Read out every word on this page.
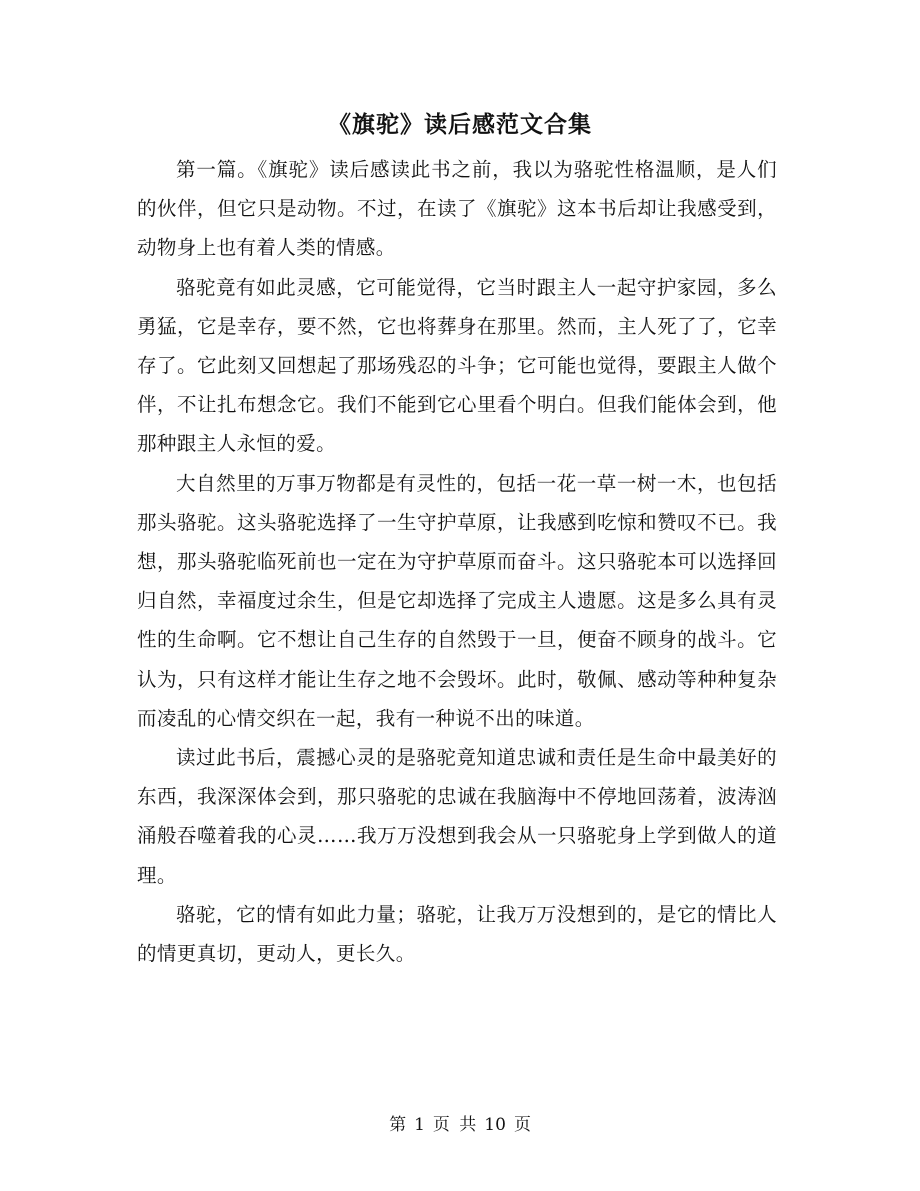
《旗驼》读后感范文合集

第一篇。《旗驼》读后感读此书之前，我以为骆驼性格温顺，是人们的伙伴，但它只是动物。不过，在读了《旗驼》这本书后却让我感受到，动物身上也有着人类的情感。

骆驼竟有如此灵感，它可能觉得，它当时跟主人一起守护家园，多么勇猛，它是幸存，要不然，它也将葬身在那里。然而，主人死了了，它幸存了。它此刻又回想起了那场残忍的斗争；它可能也觉得，要跟主人做个伴，不让扎布想念它。我们不能到它心里看个明白。但我们能体会到，他那种跟主人永恒的爱。

大自然里的万事万物都是有灵性的，包括一花一草一树一木，也包括那头骆驼。这头骆驼选择了一生守护草原，让我感到吃惊和赞叹不已。我想，那头骆驼临死前也一定在为守护草原而奋斗。这只骆驼本可以选择回归自然，幸福度过余生，但是它却选择了完成主人遗愿。这是多么具有灵性的生命啊。它不想让自己生存的自然毁于一旦，便奋不顾身的战斗。它认为，只有这样才能让生存之地不会毁坏。此时，敬佩、感动等种种复杂而凌乱的心情交织在一起，我有一种说不出的味道。

读过此书后，震撼心灵的是骆驼竟知道忠诚和责任是生命中最美好的东西，我深深体会到，那只骆驼的忠诚在我脑海中不停地回荡着，波涛汹涌般吞噬着我的心灵……我万万没想到我会从一只骆驼身上学到做人的道理。

骆驼，它的情有如此力量；骆驼，让我万万没想到的，是它的情比人的情更真切，更动人，更长久。

第 1 页 共 10 页
